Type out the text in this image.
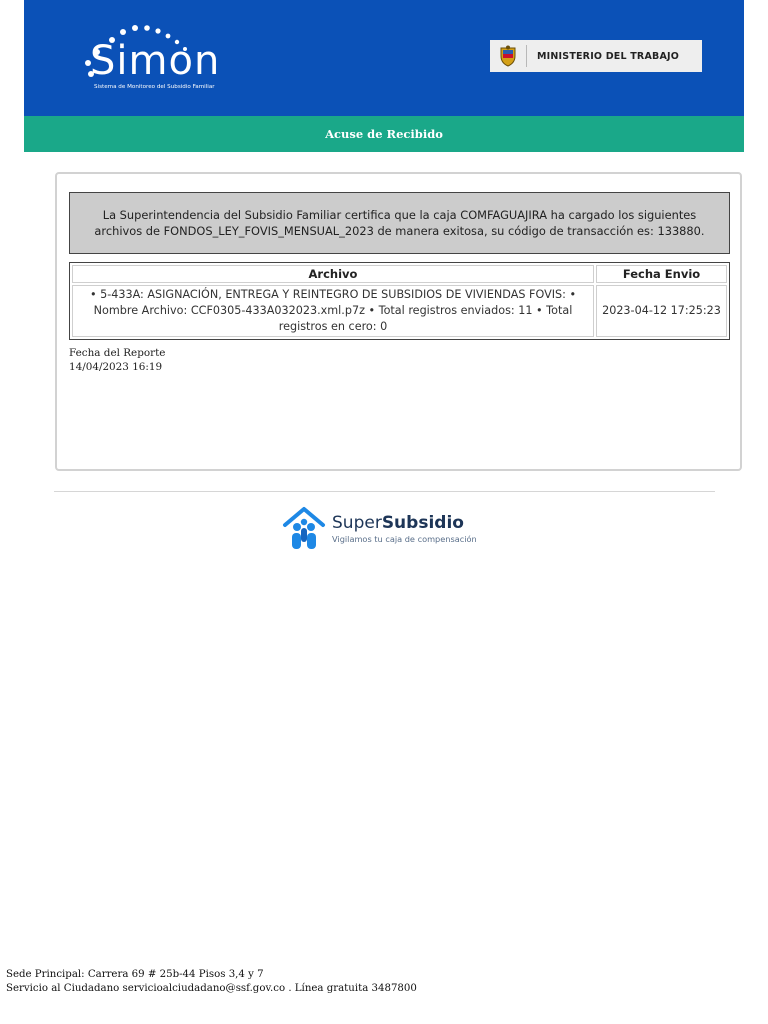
Simon
Sistema de Monitoreo del Subsidio Familiar
MINISTERIO DEL TRABAJO
Acuse de Recibido
La Superintendencia del Subsidio Familiar certifica que la caja COMFAGUAJIRA ha cargado los siguientes archivos de FONDOS_LEY_FOVIS_MENSUAL_2023 de manera exitosa, su código de transacción es: 133880.
Archivo	Fecha Envio
• 5-433A: ASIGNACIÓN, ENTREGA Y REINTEGRO DE SUBSIDIOS DE VIVIENDAS FOVIS: • Nombre Archivo: CCF0305-433A032023.xml.p7z • Total registros enviados: 11 • Total registros en cero: 0	2023-04-12 17:25:23
Fecha del Reporte
14/04/2023 16:19
SuperSubsidio
Vigilamos tu caja de compensación
Sede Principal: Carrera 69 # 25b-44 Pisos 3,4 y 7
Servicio al Ciudadano servicioalciudadano@ssf.gov.co . Línea gratuita 3487800
